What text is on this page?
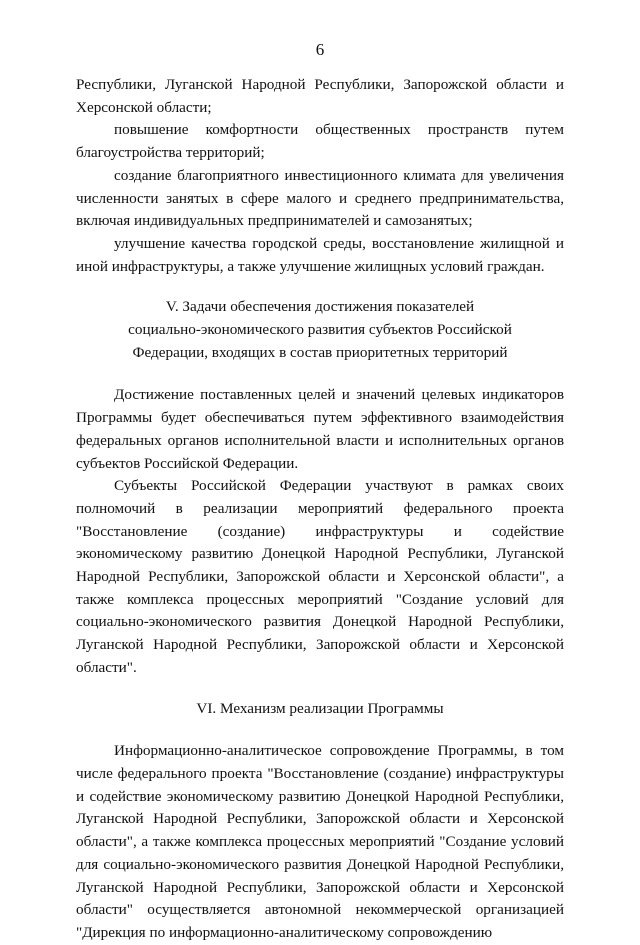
6

Республики, Луганской Народной Республики, Запорожской области и Херсонской области;

повышение комфортности общественных пространств путем благоустройства территорий;

создание благоприятного инвестиционного климата для увеличения численности занятых в сфере малого и среднего предпринимательства, включая индивидуальных предпринимателей и самозанятых;

улучшение качества городской среды, восстановление жилищной и иной инфраструктуры, а также улучшение жилищных условий граждан.

V. Задачи обеспечения достижения показателей

социально-экономического развития субъектов Российской

Федерации, входящих в состав приоритетных территорий

Достижение поставленных целей и значений целевых индикаторов Программы будет обеспечиваться путем эффективного взаимодействия федеральных органов исполнительной власти и исполнительных органов субъектов Российской Федерации.

Субъекты Российской Федерации участвуют в рамках своих полномочий в реализации мероприятий федерального проекта "Восстановление (создание) инфраструктуры и содействие экономическому развитию Донецкой Народной Республики, Луганской Народной Республики, Запорожской области и Херсонской области", а также комплекса процессных мероприятий "Создание условий для социально-экономического развития Донецкой Народной Республики, Луганской Народной Республики, Запорожской области и Херсонской области".

VI. Механизм реализации Программы

Информационно-аналитическое сопровождение Программы, в том числе федерального проекта "Восстановление (создание) инфраструктуры и содействие экономическому развитию Донецкой Народной Республики, Луганской Народной Республики, Запорожской области и Херсонской области", а также комплекса процессных мероприятий "Создание условий для социально-экономического развития Донецкой Народной Республики, Луганской Народной Республики, Запорожской области и Херсонской области" осуществляется автономной некоммерческой организацией "Дирекция по информационно-аналитическому сопровождению
